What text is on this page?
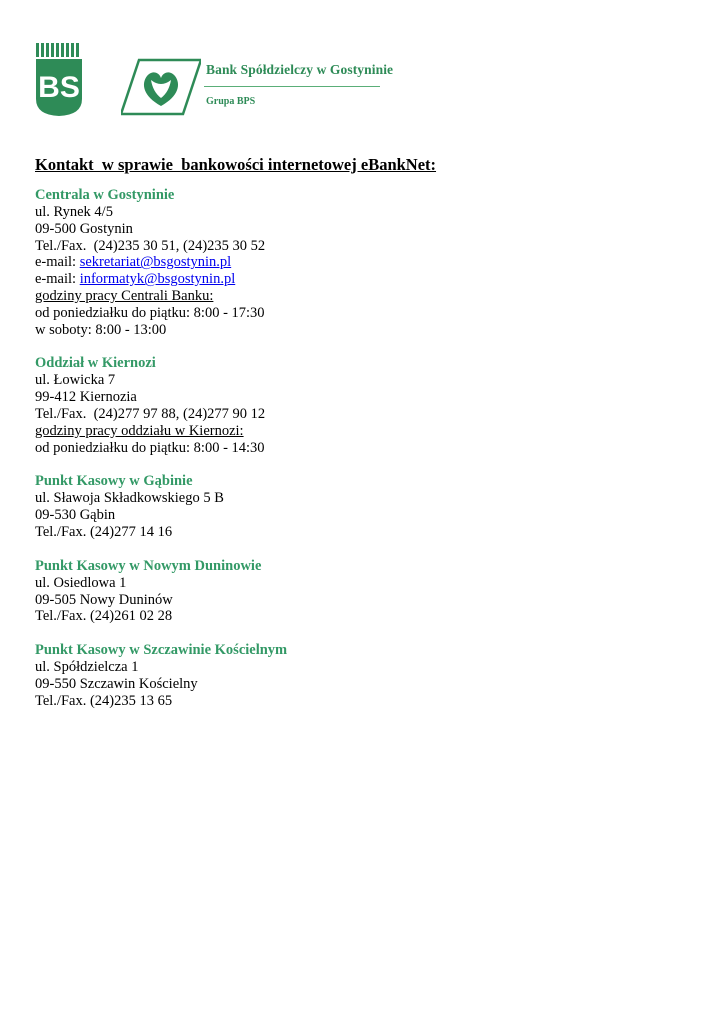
BS
Bank Spółdzielczy w Gostyninie
Grupa BPS
Kontakt  w sprawie  bankowości internetowej eBankNet:
Centrala w Gostyninie
ul. Rynek 4/5
09-500 Gostynin
Tel./Fax.  (24)235 30 51, (24)235 30 52
e-mail: sekretariat@bsgostynin.pl
e-mail: informatyk@bsgostynin.pl
godziny pracy Centrali Banku:
od poniedziałku do piątku: 8:00 - 17:30
w soboty: 8:00 - 13:00
Oddział w Kiernozi
ul. Łowicka 7
99-412 Kiernozia
Tel./Fax.  (24)277 97 88, (24)277 90 12
godziny pracy oddziału w Kiernozi:
od poniedziałku do piątku: 8:00 - 14:30
Punkt Kasowy w Gąbinie
ul. Sławoja Składkowskiego 5 B
09-530 Gąbin
Tel./Fax. (24)277 14 16
Punkt Kasowy w Nowym Duninowie
ul. Osiedlowa 1
09-505 Nowy Duninów
Tel./Fax. (24)261 02 28
Punkt Kasowy w Szczawinie Kościelnym
ul. Spółdzielcza 1
09-550 Szczawin Kościelny
Tel./Fax. (24)235 13 65
